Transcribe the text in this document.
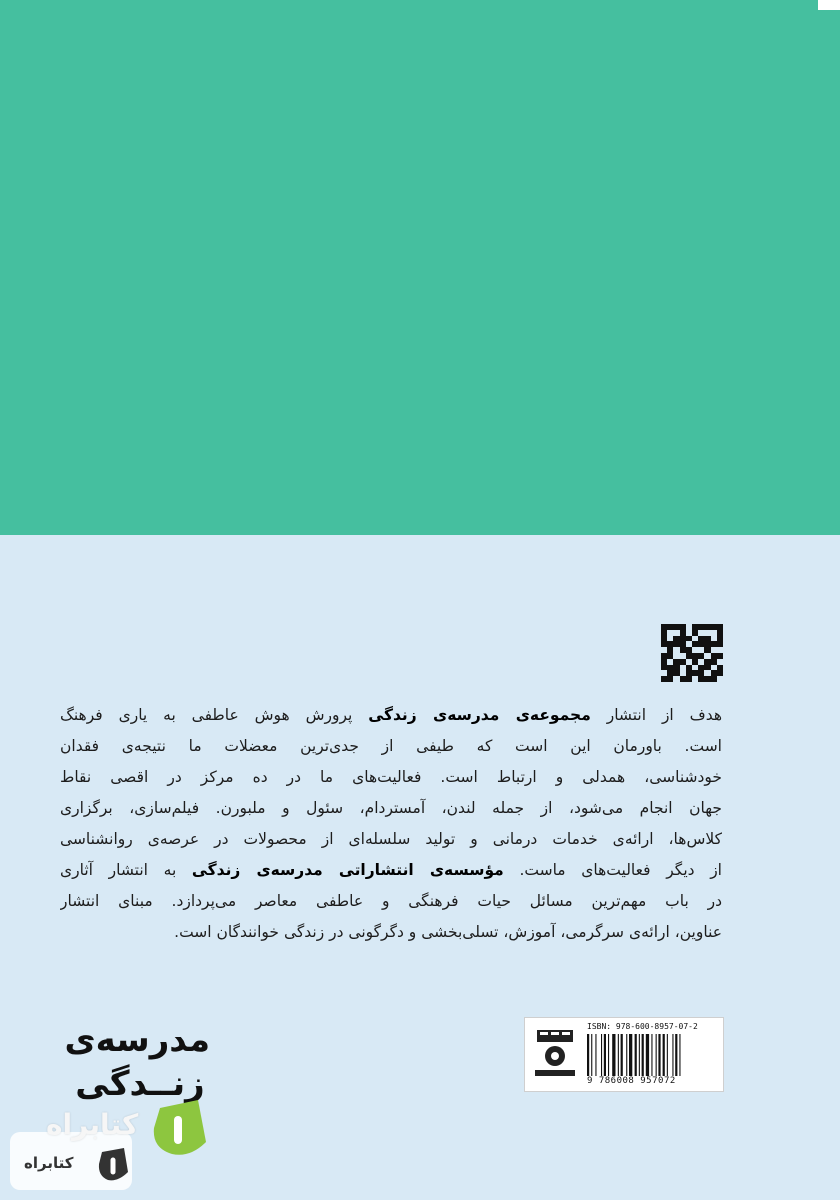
هدف از انتشار مجموعه‌ی مدرسه‌ی زندگی پرورش هوش عاطفی به یاری فرهنگ
است. باورمان این است که طیفی از جدی‌ترین معضلات ما نتیجه‌ی فقدان
خودشناسی، همدلی و ارتباط است. فعالیت‌های ما در ده مرکز در اقصی نقاط
جهان انجام می‌شود، از جمله لندن، آمستردام، سئول و ملبورن. فیلم‌سازی، برگزاری
کلاس‌ها، ارائه‌ی خدمات درمانی و تولید سلسله‌ای از محصولات در عرصه‌ی روانشناسی
از دیگر فعالیت‌های ماست. مؤسسه‌ی انتشاراتی مدرسه‌ی زندگی به انتشار آثاری
در باب مهم‌ترین مسائل حیات فرهنگی و عاطفی معاصر می‌پردازد. مبنای انتشار
عناوین، ارائه‌ی سرگرمی، آموزش، تسلی‌بخشی و دگرگونی در زندگی خوانندگان است.
مدرسه‌ی
زنــدگی
ISBN: 978-600-8957-07-2
9 786008 957072
کتابراه
کتابراه
